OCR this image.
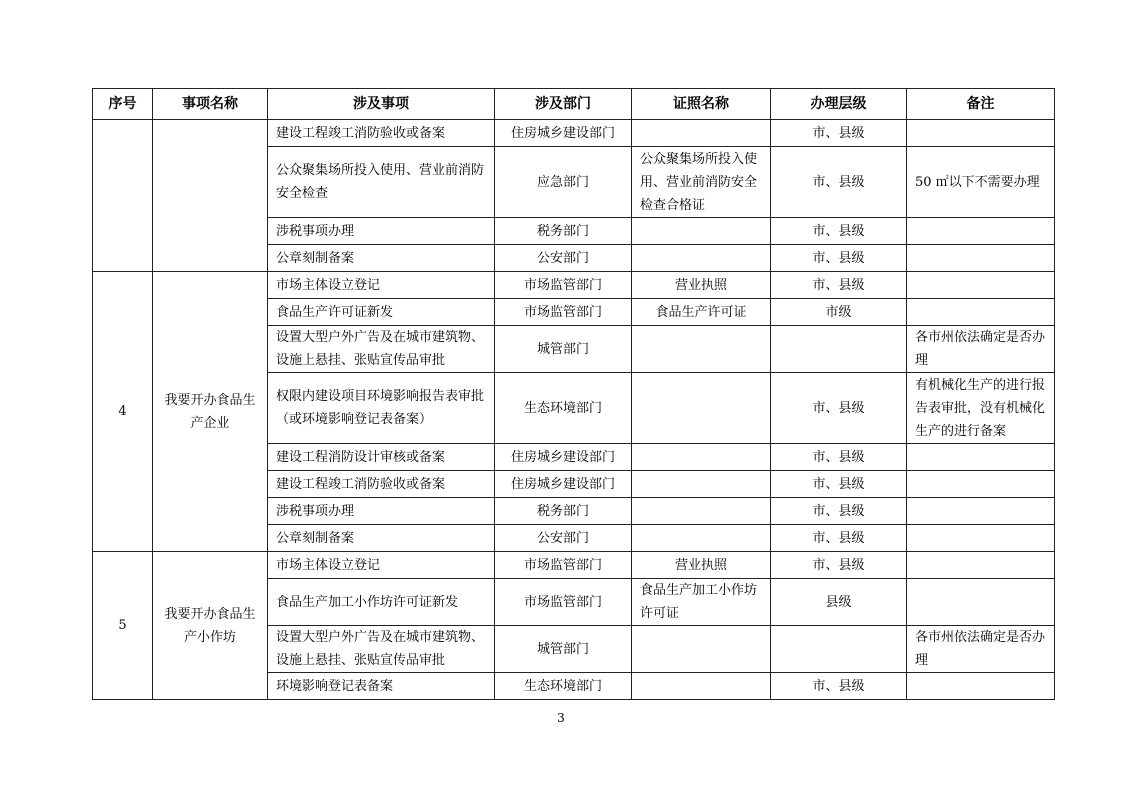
序号	事项名称	涉及事项	涉及部门	证照名称	办理层级	备注
		建设工程竣工消防验收或备案	住房城乡建设部门		市、县级	
		公众聚集场所投入使用、营业前消防安全检查	应急部门	公众聚集场所投入使用、营业前消防安全检查合格证	市、县级	50 ㎡以下不需要办理
		涉税事项办理	税务部门		市、县级	
		公章刻制备案	公安部门		市、县级	
4	我要开办食品生产企业	市场主体设立登记	市场监管部门	营业执照	市、县级	
		食品生产许可证新发	市场监管部门	食品生产许可证	市级	
		设置大型户外广告及在城市建筑物、设施上悬挂、张贴宣传品审批	城管部门			各市州依法确定是否办理
		权限内建设项目环境影响报告表审批（或环境影响登记表备案）	生态环境部门		市、县级	有机械化生产的进行报告表审批，没有机械化生产的进行备案
		建设工程消防设计审核或备案	住房城乡建设部门		市、县级	
		建设工程竣工消防验收或备案	住房城乡建设部门		市、县级	
		涉税事项办理	税务部门		市、县级	
		公章刻制备案	公安部门		市、县级	
5	我要开办食品生产小作坊	市场主体设立登记	市场监管部门	营业执照	市、县级	
		食品生产加工小作坊许可证新发	市场监管部门	食品生产加工小作坊许可证	县级	
		设置大型户外广告及在城市建筑物、设施上悬挂、张贴宣传品审批	城管部门			各市州依法确定是否办理
		环境影响登记表备案	生态环境部门		市、县级	
3
